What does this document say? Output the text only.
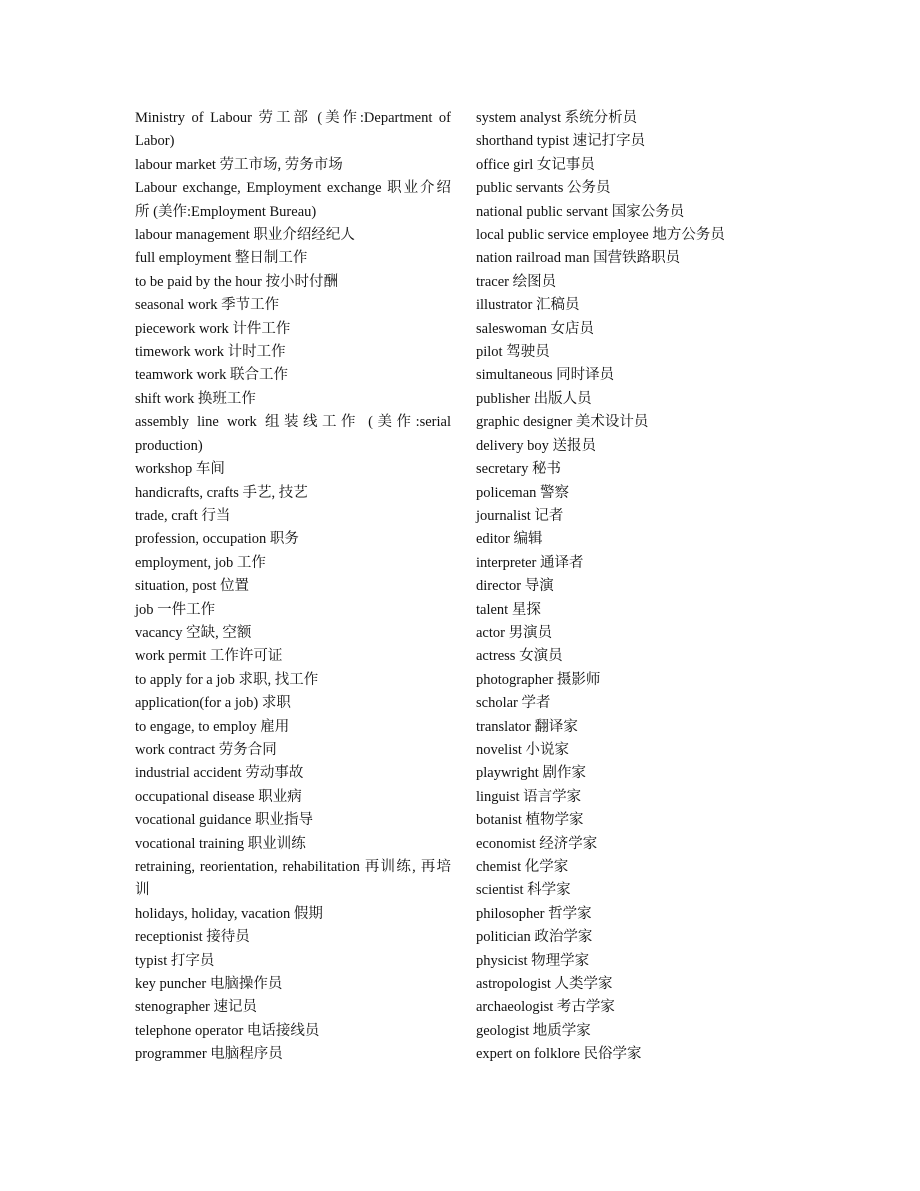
Ministry of Labour 劳工部 (美作:Department of Labor)
labour market 劳工市场, 劳务市场
Labour exchange, Employment exchange 职业介绍所 (美作:Employment Bureau)
labour management 职业介绍经纪人
full employment 整日制工作
to be paid by the hour 按小时付酬
seasonal work 季节工作
piecework work 计件工作
timework work 计时工作
teamwork work 联合工作
shift work 换班工作
assembly line work 组装线工作 (美作:serial production)
workshop 车间
handicrafts, crafts 手艺, 技艺
trade, craft 行当
profession, occupation 职务
employment, job 工作
situation, post 位置
job 一件工作
vacancy 空缺, 空额
work permit 工作许可证
to apply for a job 求职, 找工作
application(for a job) 求职
to engage, to employ 雇用
work contract 劳务合同
industrial accident 劳动事故
occupational disease 职业病
vocational guidance 职业指导
vocational training 职业训练
retraining, reorientation, rehabilitation 再训练, 再培训
holidays, holiday, vacation 假期
receptionist 接待员
typist 打字员
key puncher 电脑操作员
stenographer 速记员
telephone operator 电话接线员
programmer 电脑程序员
system analyst 系统分析员
shorthand typist 速记打字员
office girl 女记事员
public servants 公务员
national public servant 国家公务员
local public service employee 地方公务员
nation railroad man 国营铁路职员
tracer 绘图员
illustrator 汇稿员
saleswoman 女店员
pilot 驾驶员
simultaneous 同时译员
publisher 出版人员
graphic designer 美术设计员
delivery boy 送报员
secretary 秘书
policeman 警察
journalist 记者
editor 编辑
interpreter 通译者
director 导演
talent 星探
actor 男演员
actress 女演员
photographer 摄影师
scholar 学者
translator 翻译家
novelist 小说家
playwright 剧作家
linguist 语言学家
botanist 植物学家
economist 经济学家
chemist 化学家
scientist 科学家
philosopher 哲学家
politician 政治学家
physicist 物理学家
astropologist 人类学家
archaeologist 考古学家
geologist 地质学家
expert on folklore 民俗学家
